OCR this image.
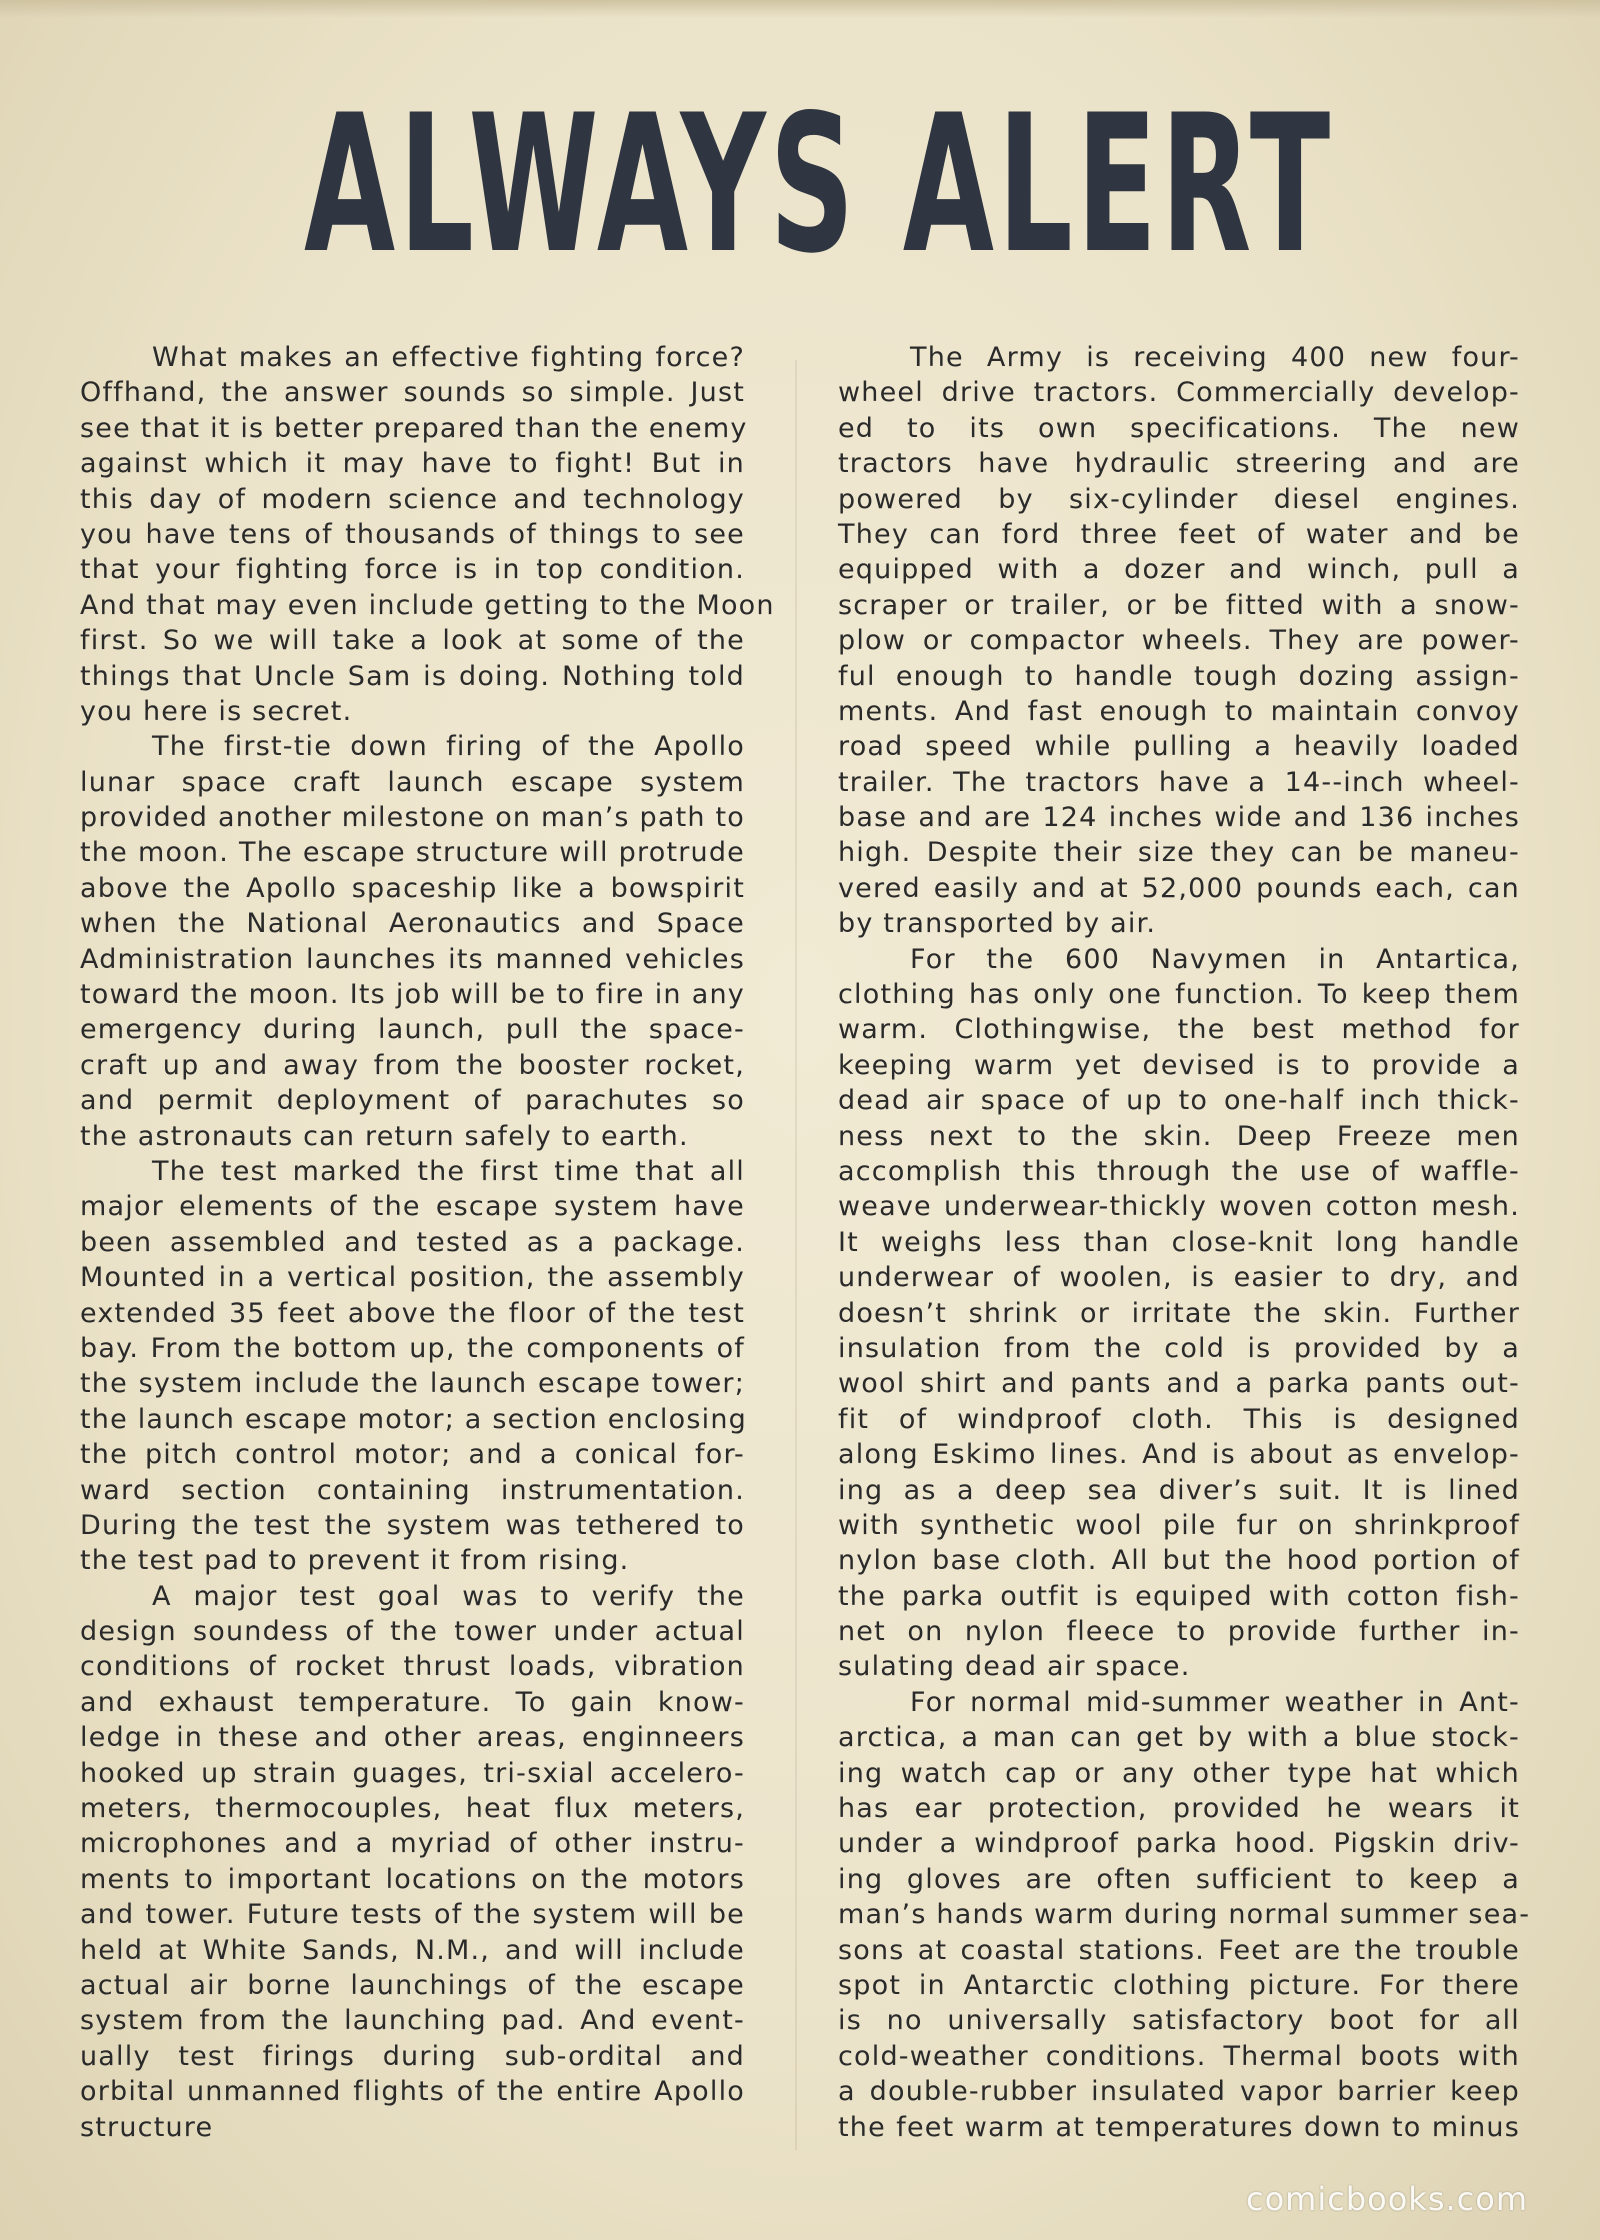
ALWAYS ALERT
What makes an effective fighting force?
Offhand, the answer sounds so simple. Just
see that it is better prepared than the enemy
against which it may have to fight! But in
this day of modern science and technology
you have tens of thousands of things to see
that your fighting force is in top condition.
And that may even include getting to the Moon
first. So we will take a look at some of the
things that Uncle Sam is doing. Nothing told
you here is secret.
The first-tie down firing of the Apollo
lunar space craft launch escape system
provided another milestone on man’s path to
the moon. The escape structure will protrude
above the Apollo spaceship like a bowspirit
when the National Aeronautics and Space
Administration launches its manned vehicles
toward the moon. Its job will be to fire in any
emergency during launch, pull the space-
craft up and away from the booster rocket,
and permit deployment of parachutes so
the astronauts can return safely to earth.
The test marked the first time that all
major elements of the escape system have
been assembled and tested as a package.
Mounted in a vertical position, the assembly
extended 35 feet above the floor of the test
bay. From the bottom up, the components of
the system include the launch escape tower;
the launch escape motor; a section enclosing
the pitch control motor; and a conical for-
ward section containing instrumentation.
During the test the system was tethered to
the test pad to prevent it from rising.
A major test goal was to verify the
design soundess of the tower under actual
conditions of rocket thrust loads, vibration
and exhaust temperature. To gain know-
ledge in these and other areas, enginneers
hooked up strain guages, tri-sxial accelero-
meters, thermocouples, heat flux meters,
microphones and a myriad of other instru-
ments to important locations on the motors
and tower. Future tests of the system will be
held at White Sands, N.M., and will include
actual air borne launchings of the escape
system from the launching pad. And event-
ually test firings during sub-ordital and
orbital unmanned flights of the entire Apollo
structure
The Army is receiving 400 new four-
wheel drive tractors. Commercially develop-
ed to its own specifications. The new
tractors have hydraulic streering and are
powered by six-cylinder diesel engines.
They can ford three feet of water and be
equipped with a dozer and winch, pull a
scraper or trailer, or be fitted with a snow-
plow or compactor wheels. They are power-
ful enough to handle tough dozing assign-
ments. And fast enough to maintain convoy
road speed while pulling a heavily loaded
trailer. The tractors have a 14--inch wheel-
base and are 124 inches wide and 136 inches
high. Despite their size they can be maneu-
vered easily and at 52,000 pounds each, can
by transported by air.
For the 600 Navymen in Antartica,
clothing has only one function. To keep them
warm. Clothingwise, the best method for
keeping warm yet devised is to provide a
dead air space of up to one-half inch thick-
ness next to the skin. Deep Freeze men
accomplish this through the use of waffle-
weave underwear-thickly woven cotton mesh.
It weighs less than close-knit long handle
underwear of woolen, is easier to dry, and
doesn’t shrink or irritate the skin. Further
insulation from the cold is provided by a
wool shirt and pants and a parka pants out-
fit of windproof cloth. This is designed
along Eskimo lines. And is about as envelop-
ing as a deep sea diver’s suit. It is lined
with synthetic wool pile fur on shrinkproof
nylon base cloth. All but the hood portion of
the parka outfit is equiped with cotton fish-
net on nylon fleece to provide further in-
sulating dead air space.
For normal mid-summer weather in Ant-
arctica, a man can get by with a blue stock-
ing watch cap or any other type hat which
has ear protection, provided he wears it
under a windproof parka hood. Pigskin driv-
ing gloves are often sufficient to keep a
man’s hands warm during normal summer sea-
sons at coastal stations. Feet are the trouble
spot in Antarctic clothing picture. For there
is no universally satisfactory boot for all
cold-weather conditions. Thermal boots with
a double-rubber insulated vapor barrier keep
the feet warm at temperatures down to minus
comicbooks.com
